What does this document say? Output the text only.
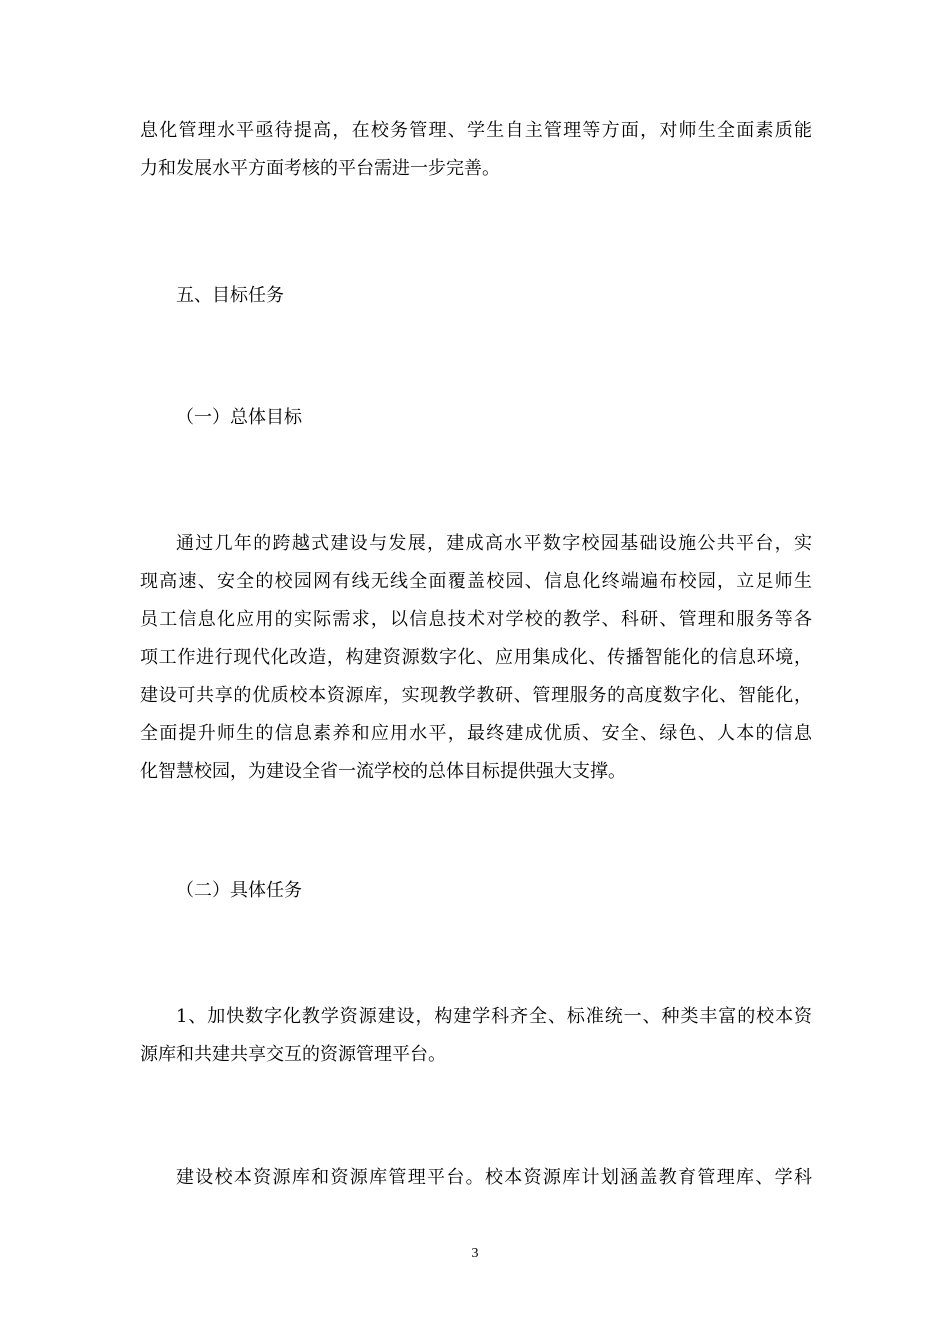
息化管理水平亟待提高，在校务管理、学生自主管理等方面，对师生全面素质能
力和发展水平方面考核的平台需进一步完善。

五、目标任务

（一）总体目标

通过几年的跨越式建设与发展，建成高水平数字校园基础设施公共平台，实
现高速、安全的校园网有线无线全面覆盖校园、信息化终端遍布校园，立足师生
员工信息化应用的实际需求，以信息技术对学校的教学、科研、管理和服务等各
项工作进行现代化改造，构建资源数字化、应用集成化、传播智能化的信息环境，
建设可共享的优质校本资源库，实现教学教研、管理服务的高度数字化、智能化，
全面提升师生的信息素养和应用水平，最终建成优质、安全、绿色、人本的信息
化智慧校园，为建设全省一流学校的总体目标提供强大支撑。

（二）具体任务

1、加快数字化教学资源建设，构建学科齐全、标准统一、种类丰富的校本资
源库和共建共享交互的资源管理平台。

建设校本资源库和资源库管理平台。校本资源库计划涵盖教育管理库、学科

3
